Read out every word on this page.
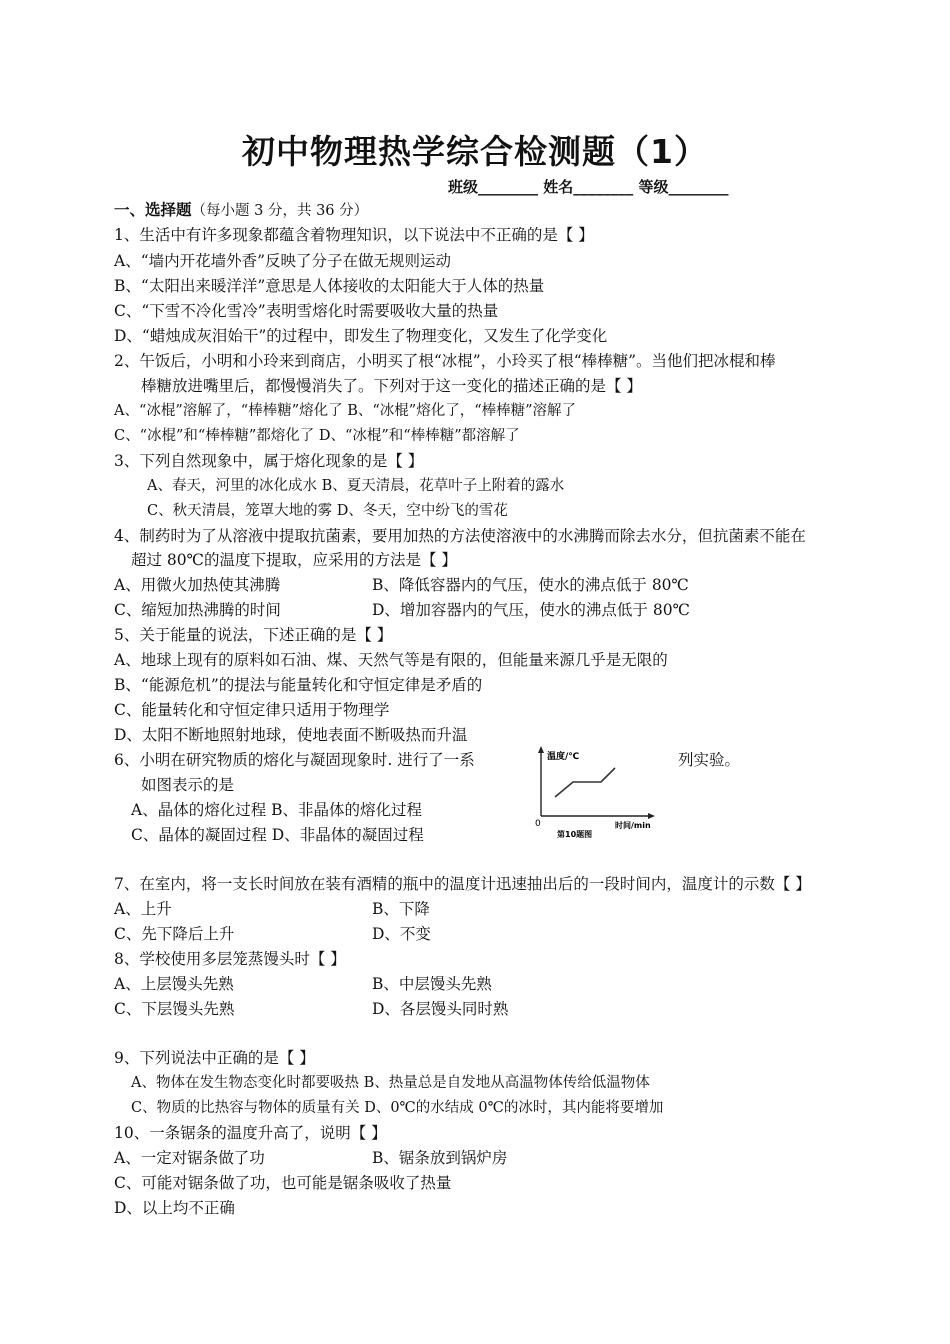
初中物理热学综合检测题（1）
班级________ 姓名________ 等级________
一、选择题（每小题 3 分，共 36 分）
1、生活中有许多现象都蕴含着物理知识，以下说法中不正确的是【 】
A、“墙内开花墙外香”反映了分子在做无规则运动
B、“太阳出来暖洋洋”意思是人体接收的太阳能大于人体的热量
C、“下雪不冷化雪冷”表明雪熔化时需要吸收大量的热量
D、“蜡烛成灰泪始干”的过程中，即发生了物理变化，又发生了化学变化
2、午饭后，小明和小玲来到商店，小明买了根“冰棍”，小玲买了根“棒棒糖”。当他们把冰棍和棒
棒糖放进嘴里后，都慢慢消失了。下列对于这一变化的描述正确的是【 】
A、“冰棍”溶解了，“棒棒糖”熔化了 B、“冰棍”熔化了，“棒棒糖”溶解了
C、“冰棍”和“棒棒糖”都熔化了 D、“冰棍”和“棒棒糖”都溶解了
3、下列自然现象中，属于熔化现象的是【 】
A、春天，河里的冰化成水 B、夏天清晨，花草叶子上附着的露水
C、秋天清晨，笼罩大地的雾 D、冬天，空中纷飞的雪花
4、制药时为了从溶液中提取抗菌素，要用加热的方法使溶液中的水沸腾而除去水分，但抗菌素不能在
超过 80℃的温度下提取，应采用的方法是【 】
A、用微火加热使其沸腾	B、降低容器内的气压，使水的沸点低于 80℃
C、缩短加热沸腾的时间	D、增加容器内的气压，使水的沸点低于 80℃
5、关于能量的说法，下述正确的是【 】
A、地球上现有的原料如石油、煤、天然气等是有限的，但能量来源几乎是无限的
B、“能源危机”的提法与能量转化和守恒定律是矛盾的
C、能量转化和守恒定律只适用于物理学
D、太阳不断地照射地球，使地表面不断吸热而升温
6、小明在研究物质的熔化与凝固现象时. 进行了一系	列实验。
如图表示的是
A、晶体的熔化过程 B、非晶体的熔化过程
C、晶体的凝固过程 D、非晶体的凝固过程
温度/℃
时间/min
0
第10题图
7、在室内，将一支长时间放在装有酒精的瓶中的温度计迅速抽出后的一段时间内，温度计的示数【 】
A、上升	B、下降
C、先下降后上升	D、不变
8、学校使用多层笼蒸馒头时【 】
A、上层馒头先熟	B、中层馒头先熟
C、下层馒头先熟	D、各层馒头同时熟
9、下列说法中正确的是【 】
A、物体在发生物态变化时都要吸热 B、热量总是自发地从高温物体传给低温物体
C、物质的比热容与物体的质量有关 D、0℃的水结成 0℃的冰时，其内能将要增加
10、一条锯条的温度升高了，说明【 】
A、一定对锯条做了功	B、锯条放到锅炉房
C、可能对锯条做了功，也可能是锯条吸收了热量
D、以上均不正确
